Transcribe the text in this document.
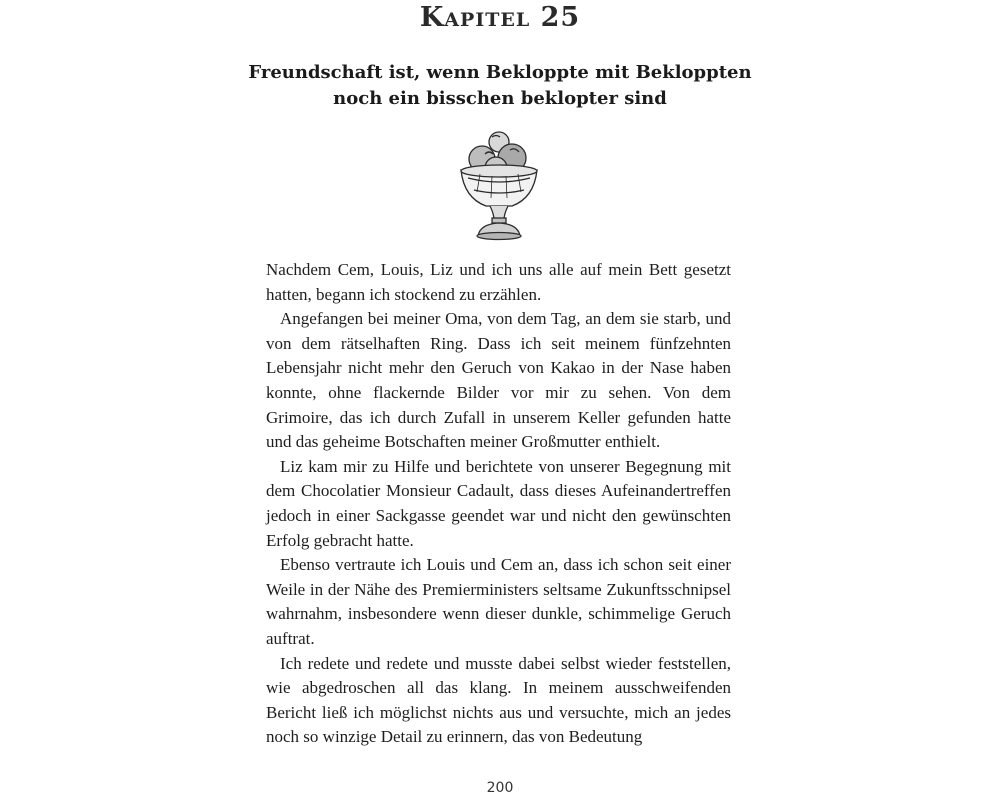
Kapitel 25
Freundschaft ist, wenn Bekloppte mit Bekloppten
noch ein bisschen beklopter sind

Nachdem Cem, Louis, Liz und ich uns alle auf mein Bett gesetzt hatten, begann ich stockend zu erzählen.

Angefangen bei meiner Oma, von dem Tag, an dem sie starb, und von dem rätselhaften Ring. Dass ich seit meinem fünfzehnten Lebensjahr nicht mehr den Geruch von Kakao in der Nase haben konnte, ohne flackernde Bilder vor mir zu sehen. Von dem Grimoire, das ich durch Zufall in unserem Keller gefunden hatte und das geheime Botschaften meiner Großmutter enthielt.

Liz kam mir zu Hilfe und berichtete von unserer Begegnung mit dem Chocolatier Monsieur Cadault, dass dieses Aufeinandertreffen jedoch in einer Sackgasse geendet war und nicht den gewünschten Erfolg gebracht hatte.

Ebenso vertraute ich Louis und Cem an, dass ich schon seit einer Weile in der Nähe des Premierministers seltsame Zukunftsschnipsel wahrnahm, insbesondere wenn dieser dunkle, schimmelige Geruch auftrat.

Ich redete und redete und musste dabei selbst wieder feststellen, wie abgedroschen all das klang. In meinem ausschweifenden Bericht ließ ich möglichst nichts aus und versuchte, mich an jedes noch so winzige Detail zu erinnern, das von Bedeutung

200
